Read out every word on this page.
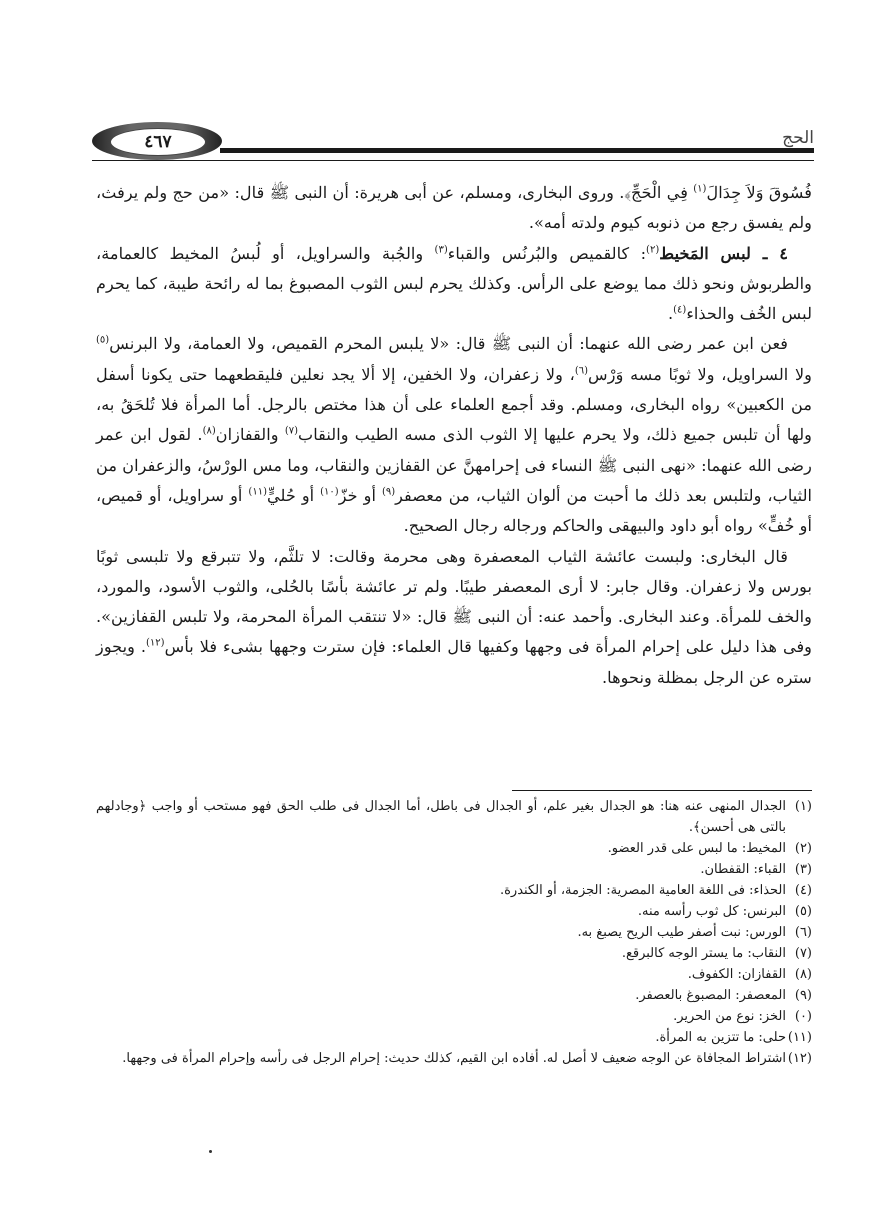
٤٦٧	الحج

فُسُوقَ وَلاَ جِدَالَ$^{(١)}$ فِي الْحَجِّ﴾. وروى البخارى، ومسلم، عن أبى هريرة: أن النبى ﷺ قال: «من حج ولم يرفث، ولم يفسق رجع من ذنوبه كيوم ولدته أمه».

٤ ـ لبس المَخيط$^{(٢)}$: كالقميص والبُرنُس والقباء$^{(٣)}$ والجُبة والسراويل، أو لُبسُ المخيط كالعمامة، والطربوش ونحو ذلك مما يوضع على الرأس. وكذلك يحرم لبس الثوب المصبوغ بما له رائحة طيبة، كما يحرم لبس الخُف والحذاء$^{(٤)}$.

فعن ابن عمر رضى الله عنهما: أن النبى ﷺ قال: «لا يلبس المحرم القميص، ولا العمامة، ولا البرنس$^{(٥)}$ ولا السراويل، ولا ثوبًا مسه وَرْس$^{(٦)}$، ولا زعفران، ولا الخفين، إلا ألا يجد نعلين فليقطعهما حتى يكونا أسفل من الكعبين» رواه البخارى، ومسلم. وقد أجمع العلماء على أن هذا مختص بالرجل. أما المرأة فلا تُلحَقُ به، ولها أن تلبس جميع ذلك، ولا يحرم عليها إلا الثوب الذى مسه الطيب والنقاب$^{(٧)}$ والقفازان$^{(٨)}$. لقول ابن عمر رضى الله عنهما: «نهى النبى ﷺ النساء فى إحرامهنَّ عن القفازين والنقاب، وما مس الورْسُ، والزعفران من الثياب، ولتلبس بعد ذلك ما أحبت من ألوان الثياب، من معصفر$^{(٩)}$ أو خزّ$^{(١٠)}$ أو حُليٍّ$^{(١١)}$ أو سراويل، أو قميص، أو خُفٍّ» رواه أبو داود والبيهقى والحاكم ورجاله رجال الصحيح.

قال البخارى: ولبست عائشة الثياب المعصفرة وهى محرمة وقالت: لا تلثَّم، ولا تتبرقع ولا تلبسى ثوبًا بورس ولا زعفران. وقال جابر: لا أرى المعصفر طيبًا. ولم تر عائشة بأسًا بالحُلى، والثوب الأسود، والمورد، والخف للمرأة. وعند البخارى. وأحمد عنه: أن النبى ﷺ قال: «لا تنتقب المرأة المحرمة، ولا تلبس القفازين». وفى هذا دليل على إحرام المرأة فى وجهها وكفيها قال العلماء: فإن سترت وجهها بشىء فلا بأس$^{(١٢)}$. ويجوز ستره عن الرجل بمظلة ونحوها.

(١)
الجدال المنهى عنه هنا: هو الجدال بغير علم، أو الجدال فى باطل، أما الجدال فى طلب الحق فهو مستحب أو واجب ﴿وجادلهم بالتى هى أحسن﴾.
(٢)
المخيط: ما لبس على قدر العضو.
(٣)
القباء: القفطان.
(٤)
الحذاء: فى اللغة العامية المصرية: الجزمة، أو الكندرة.
(٥)
البرنس: كل ثوب رأسه منه.
(٦)
الورس: نبت أصفر طيب الريح يصبغ به.
(٧)
النقاب: ما يستر الوجه كالبرقع.
(٨)
القفازان: الكفوف.
(٩)
المعصفر: المصبوغ بالعصفر.
(٠)
الخز: نوع من الحرير.
(١١)
حلى: ما تتزين به المرأة.
(١٢)
اشتراط المجافاة عن الوجه ضعيف لا أصل له. أفاده ابن القيم، كذلك حديث: إحرام الرجل فى رأسه وإحرام المرأة فى وجهها.
